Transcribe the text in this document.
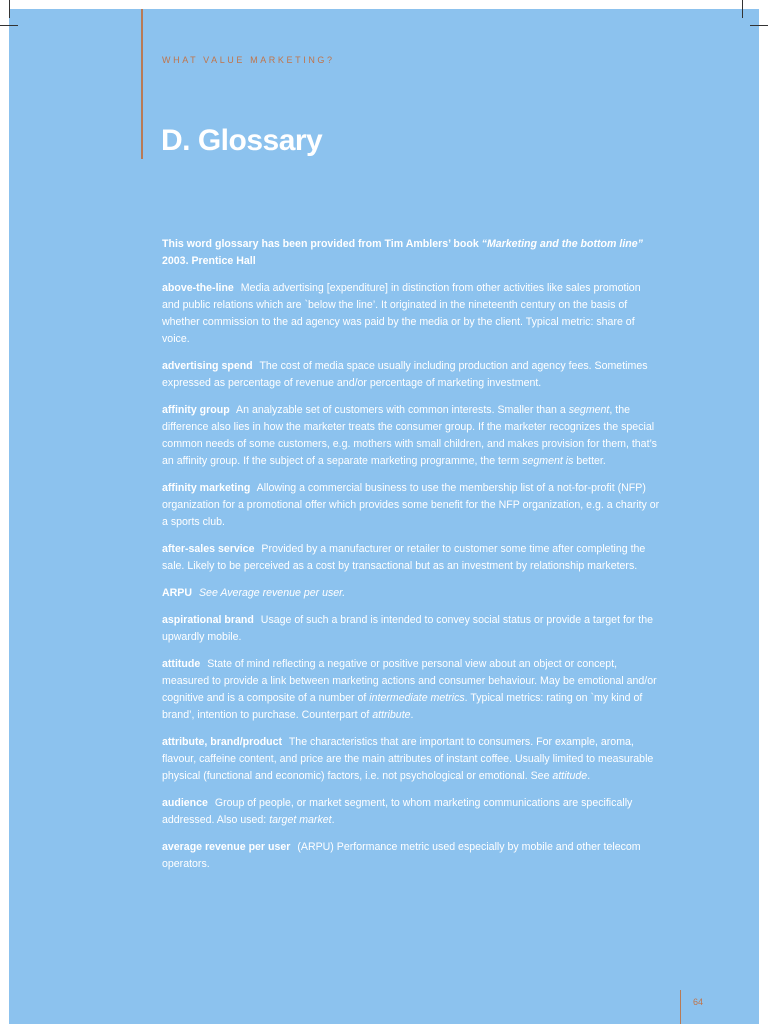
WHAT VALUE MARKETING?
D. Glossary

This word glossary has been provided from Tim Amblers’ book “Marketing and the bottom line” 2003. Prentice Hall

above-the-line Media advertising [expenditure] in distinction from other activities like sales promotion and public relations which are `below the line’. It originated in the nineteenth century on the basis of whether commission to the ad agency was paid by the media or by the client. Typical metric: share of voice.

advertising spend The cost of media space usually including production and agency fees. Sometimes expressed as percentage of revenue and/or percentage of marketing investment.

affinity group An analyzable set of customers with common interests. Smaller than a segment, the difference also lies in how the marketer treats the consumer group. If the marketer recognizes the special common needs of some customers, e.g. mothers with small children, and makes provision for them, that’s an affinity group. If the subject of a separate marketing programme, the term segment is better.

affinity marketing Allowing a commercial business to use the membership list of a not-for-profit (NFP) organization for a promotional offer which provides some benefit for the NFP organization, e.g. a charity or a sports club.

after-sales service Provided by a manufacturer or retailer to customer some time after completing the sale. Likely to be perceived as a cost by transactional but as an investment by relationship marketers.

ARPU See Average revenue per user.

aspirational brand Usage of such a brand is intended to convey social status or provide a target for the upwardly mobile.

attitude State of mind reflecting a negative or positive personal view about an object or concept, measured to provide a link between marketing actions and consumer behaviour. May be emotional and/or cognitive and is a composite of a number of intermediate metrics. Typical metrics: rating on `my kind of brand’, intention to purchase. Counterpart of attribute.

attribute, brand/product The characteristics that are important to consumers. For example, aroma, flavour, caffeine content, and price are the main attributes of instant coffee. Usually limited to measurable physical (functional and economic) factors, i.e. not psychological or emotional. See attitude.

audience Group of people, or market segment, to whom marketing communications are specifically addressed. Also used: target market.

average revenue per user (ARPU) Performance metric used especially by mobile and other telecom operators.

64
